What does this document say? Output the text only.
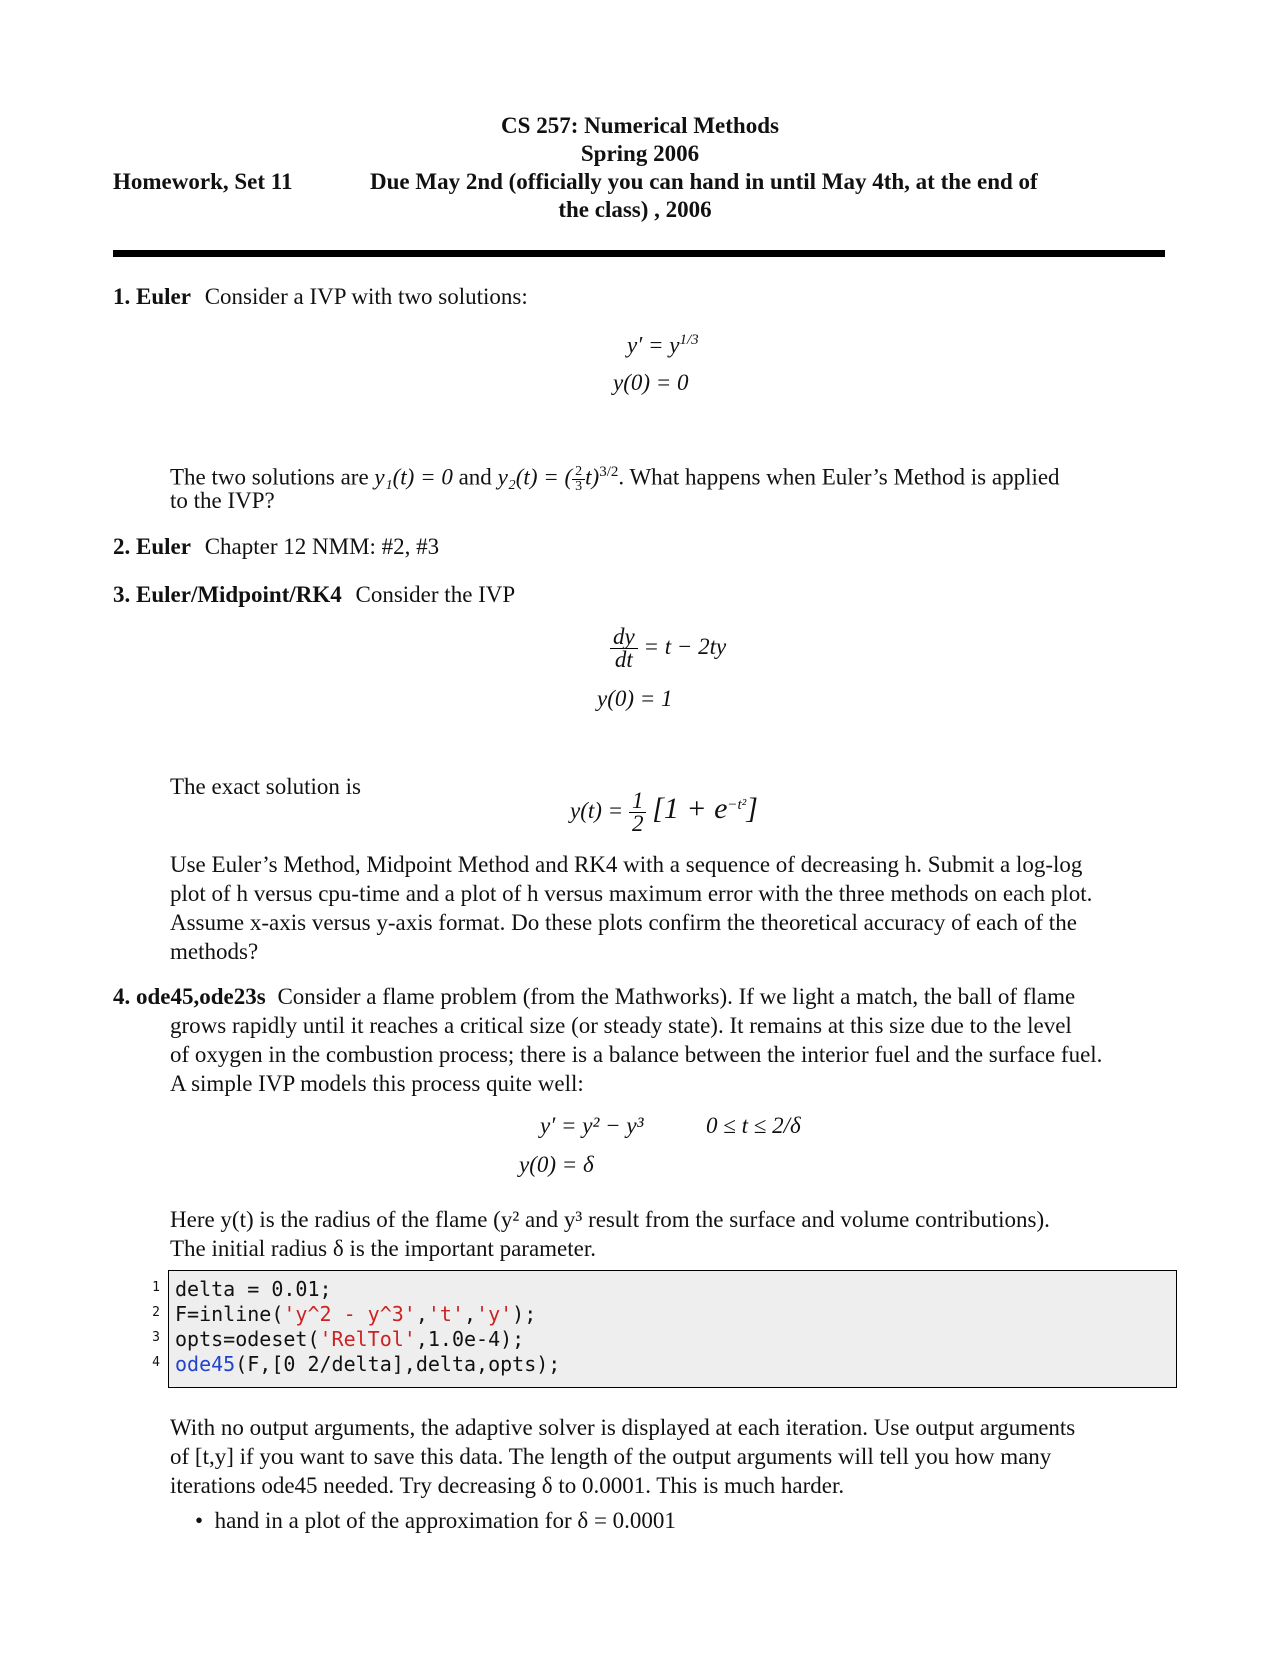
CS 257: Numerical Methods
Spring 2006
Homework, Set 11	Due May 2nd (officially you can hand in until May 4th, at the end of
the class) , 2006
1. Euler Consider a IVP with two solutions:
$y' = y^{1/3}$
y(0) = 0
The two solutions are y₁(t) = 0 and y₂(t) = ( $\frac{2}{3} t)^{3/2}$. What happens when Euler’s Method is applied
to the IVP?
2. Euler Chapter 12 NMM: #2, #3
3. Euler/Midpoint/RK4 Consider the IVP
$\frac{dy}{dt} = t - 2ty$
y(0) = 1
The exact solution is
$y(t) = \frac{1}{2} [1 + e^{-t^2}]$

Use Euler’s Method, Midpoint Method and RK4 with a sequence of decreasing h. Submit a log-log

plot of h versus cpu-time and a plot of h versus maximum error with the three methods on each plot.

Assume x-axis versus y-axis format. Do these plots confirm the theoretical accuracy of each of the

methods?

4. ode45,ode23s Consider a flame problem (from the Mathworks). If we light a match, the ball of flame

grows rapidly until it reaches a critical size (or steady state). It remains at this size due to the level

of oxygen in the combustion process; there is a balance between the interior fuel and the surface fuel.

A simple IVP models this process quite well:

y′ = y² − y³	0 ≤ t ≤ 2/δ
y(0) = δ

Here y(t) is the radius of the flame (y² and y³ result from the surface and volume contributions).

The initial radius δ is the important parameter.

1
2
3
4
delta = 0.01;
F=inline('y^2 - y^3','t','y');
opts=odeset('RelTol',1.0e-4);
ode45(F,[0 2/delta],delta,opts);

With no output arguments, the adaptive solver is displayed at each iteration. Use output arguments

of [t,y] if you want to save this data. The length of the output arguments will tell you how many

iterations ode45 needed. Try decreasing δ to 0.0001. This is much harder.

• hand in a plot of the approximation for δ = 0.0001
